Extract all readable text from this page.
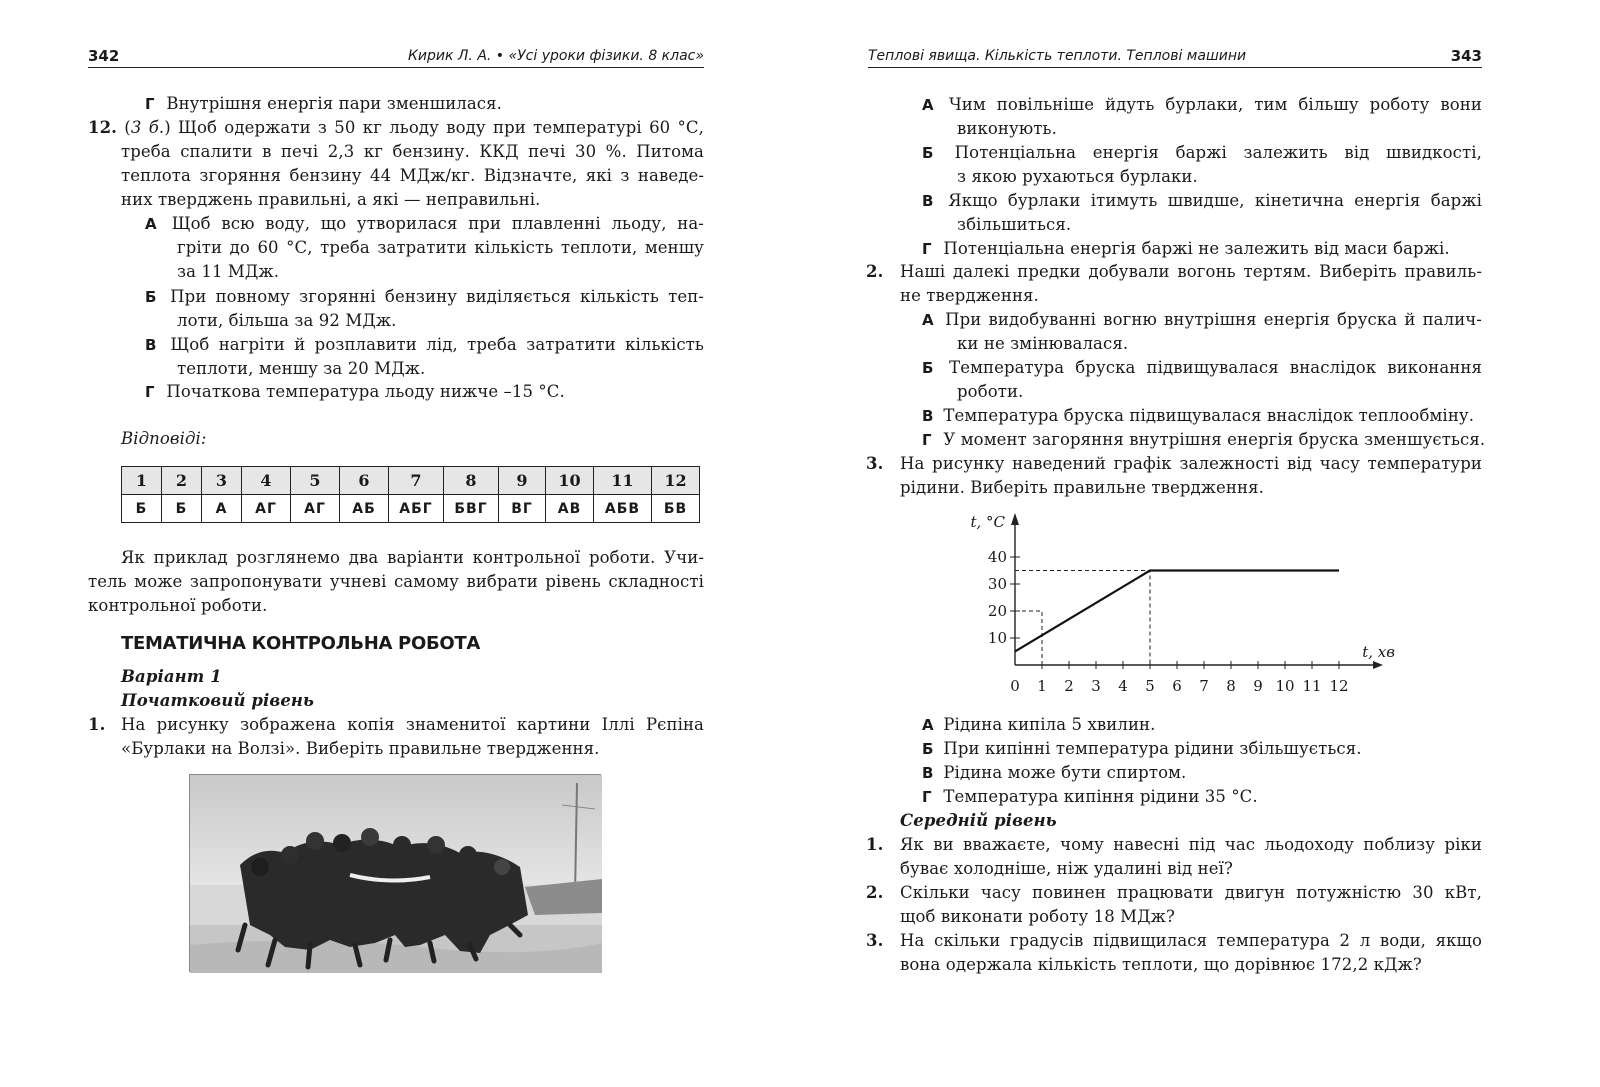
342	Кирик Л. А. • «Усі уроки фізики. 8 клас»	Теплові явища. Кількість теплоти. Теплові машини	343
Г Внутрішня енергія пари зменшилася.
12. (3 б.) Щоб одержати з 50 кг льоду воду при температурі 60 °С,
треба спалити в печі 2,3 кг бензину. ККД печі 30 %. Питома
теплота згоряння бензину 44 МДж/кг. Відзначте, які з наведе-
них тверджень правильні, а які — неправильні.
А Щоб всю воду, що утворилася при плавленні льоду, на-
гріти до 60 °С, треба затратити кількість теплоти, меншу
за 11 МДж.
Б При повному згорянні бензину виділяється кількість теп-
лоти, більша за 92 МДж.
В Щоб нагріти й розплавити лід, треба затратити кількість
теплоти, меншу за 20 МДж.
Г Початкова температура льоду нижче –15 °С.
Відповіді:
1	2	3	4	5	6	7	8	9	10	11	12
Б	Б	А	АГ	АГ	АБ	АБГ	БВГ	ВГ	АВ	АБВ	БВ
Як приклад розглянемо два варіанти контрольної роботи. Учи-
тель може запропонувати учневі самому вибрати рівень складності
контрольної роботи.
ТЕМАТИЧНА КОНТРОЛЬНА РОБОТА
Варіант 1
Початковий рівень
1. На рисунку зображена копія знаменитої картини Іллі Рєпіна
«Бурлаки на Волзі». Виберіть правильне твердження.
А Чим повільніше йдуть бурлаки, тим більшу роботу вони
виконують.
Б Потенціальна енергія баржі залежить від швидкості,
з якою рухаються бурлаки.
В Якщо бурлаки ітимуть швидше, кінетична енергія баржі
збільшиться.
Г Потенціальна енергія баржі не залежить від маси баржі.
2. Наші далекі предки добували вогонь тертям. Виберіть правиль-
не твердження.
А При видобуванні вогню внутрішня енергія бруска й палич-
ки не змінювалася.
Б Температура бруска підвищувалася внаслідок виконання
роботи.
В Температура бруска підвищувалася внаслідок теплообміну.
Г У момент загоряння внутрішня енергія бруска зменшується.
3. На рисунку наведений графік залежності від часу температури
рідини. Виберіть правильне твердження.
0 1 2 3 4 5 6 7 8 9 10 11 12
10
20
30
40
t, °C
t, хв
А Рідина кипіла 5 хвилин.
Б При кипінні температура рідини збільшується.
В Рідина може бути спиртом.
Г Температура кипіння рідини 35 °С.
Середній рівень
1. Як ви вважаєте, чому навесні під час льодоходу поблизу ріки
буває холодніше, ніж удалині від неї?
2. Скільки часу повинен працювати двигун потужністю 30 кВт,
щоб виконати роботу 18 МДж?
3. На скільки градусів підвищилася температура 2 л води, якщо
вона одержала кількість теплоти, що дорівнює 172,2 кДж?
